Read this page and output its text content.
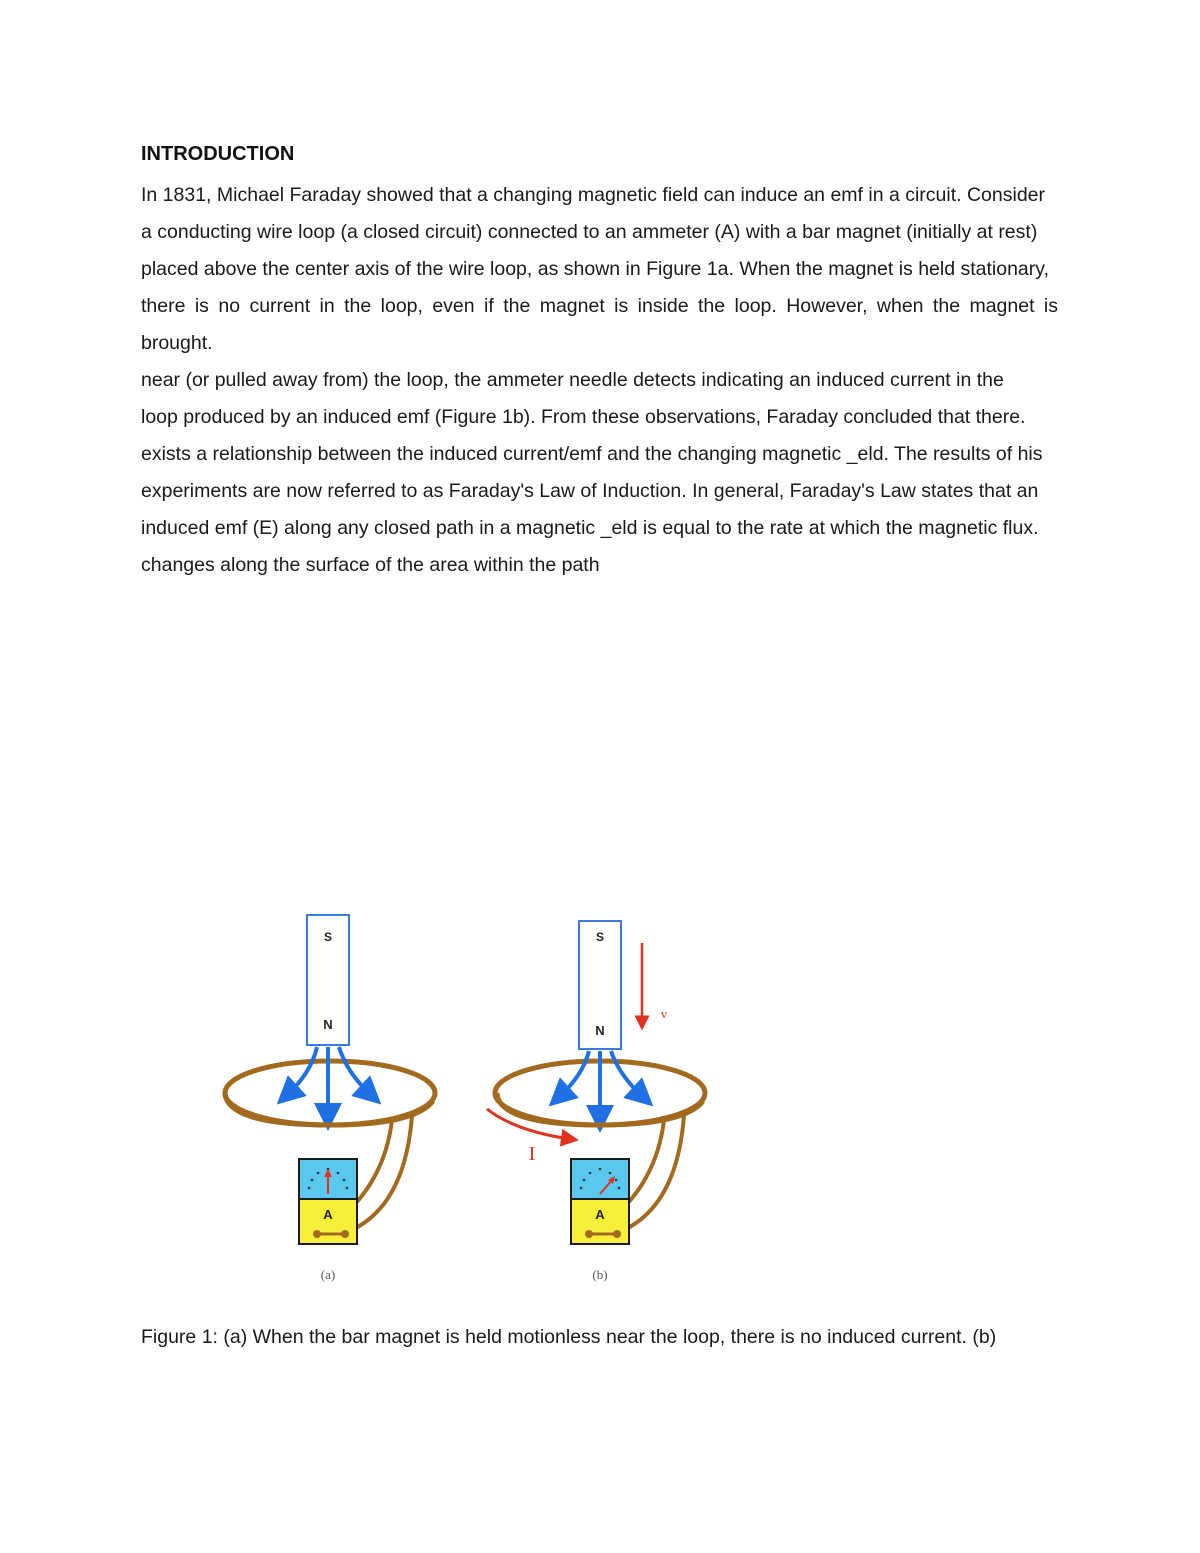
INTRODUCTION

In 1831, Michael Faraday showed that a changing magnetic field can induce an emf in a circuit. Consider

a conducting wire loop (a closed circuit) connected to an ammeter (A) with a bar magnet (initially at rest)

placed above the center axis of the wire loop, as shown in Figure 1a. When the magnet is held stationary,

there is no current in the loop, even if the magnet is inside the loop. However, when the magnet is brought.

near (or pulled away from) the loop, the ammeter needle detects indicating an induced current in the

loop produced by an induced emf (Figure 1b). From these observations, Faraday concluded that there.

exists a relationship between the induced current/emf and the changing magnetic _eld. The results of his

experiments are now referred to as Faraday's Law of Induction. In general, Faraday's Law states that an

induced emf (E) along any closed path in a magnetic _eld is equal to the rate at which the magnetic flux.

changes along the surface of the area within the path

S
N
A
(a)
S
N
v
I
A
(b)

Figure 1: (a) When the bar magnet is held motionless near the loop, there is no induced current. (b)
